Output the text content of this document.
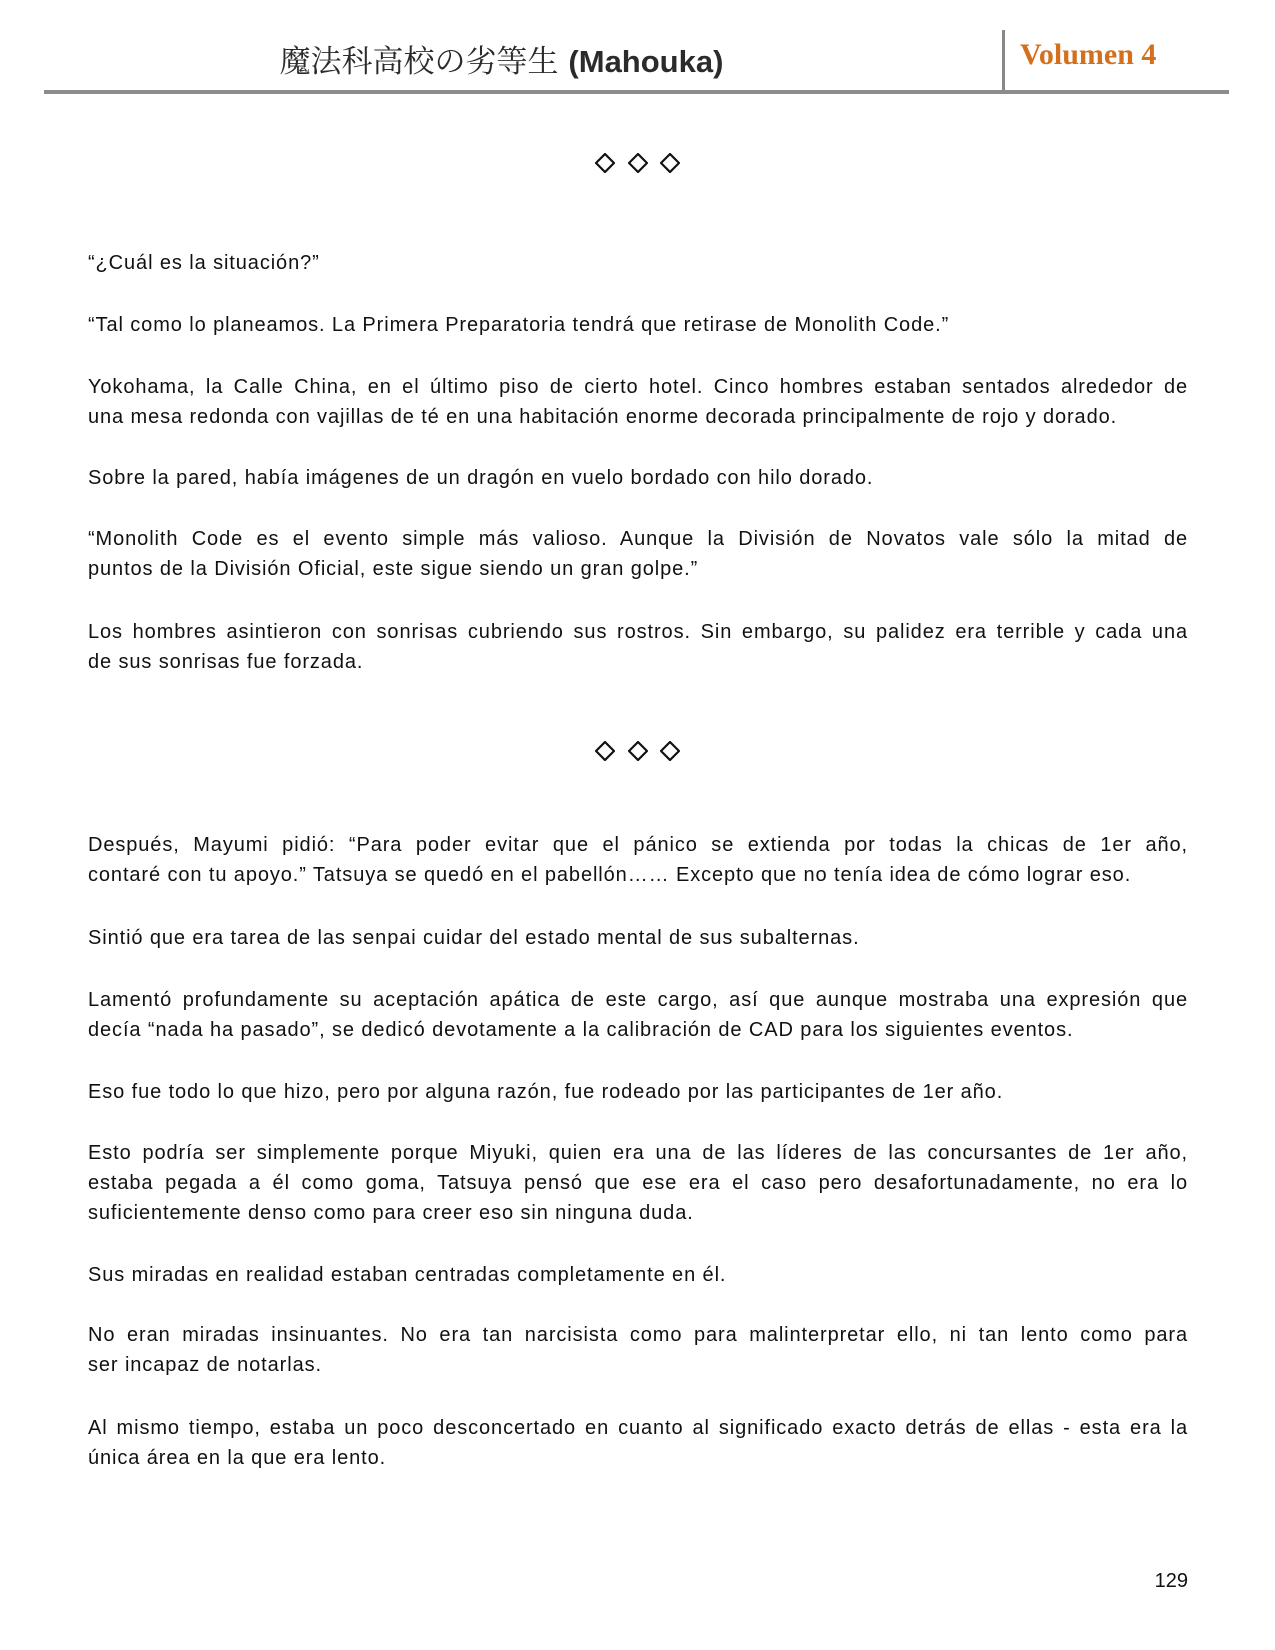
魔法科高校の劣等生 (Mahouka)	Volumen 4

“¿Cuál es la situación?”
“Tal como lo planeamos. La Primera Preparatoria tendrá que retirase de Monolith Code.”
Yokohama, la Calle China, en el último piso de cierto hotel. Cinco hombres estaban sentados alrededor de
una mesa redonda con vajillas de té en una habitación enorme decorada principalmente de rojo y dorado.
Sobre la pared, había imágenes de un dragón en vuelo bordado con hilo dorado.
“Monolith Code es el evento simple más valioso. Aunque la División de Novatos vale sólo la mitad de
puntos de la División Oficial, este sigue siendo un gran golpe.”
Los hombres asintieron con sonrisas cubriendo sus rostros. Sin embargo, su palidez era terrible y cada una
de sus sonrisas fue forzada.
Después, Mayumi pidió: “Para poder evitar que el pánico se extienda por todas la chicas de 1er año,
contaré con tu apoyo.” Tatsuya se quedó en el pabellón…… Excepto que no tenía idea de cómo lograr eso.
Sintió que era tarea de las senpai cuidar del estado mental de sus subalternas.
Lamentó profundamente su aceptación apática de este cargo, así que aunque mostraba una expresión que
decía “nada ha pasado”, se dedicó devotamente a la calibración de CAD para los siguientes eventos.
Eso fue todo lo que hizo, pero por alguna razón, fue rodeado por las participantes de 1er año.
Esto podría ser simplemente porque Miyuki, quien era una de las líderes de las concursantes de 1er año,
estaba pegada a él como goma, Tatsuya pensó que ese era el caso pero desafortunadamente, no era lo
suficientemente denso como para creer eso sin ninguna duda.
Sus miradas en realidad estaban centradas completamente en él.
No eran miradas insinuantes. No era tan narcisista como para malinterpretar ello, ni tan lento como para
ser incapaz de notarlas.
Al mismo tiempo, estaba un poco desconcertado en cuanto al significado exacto detrás de ellas - esta era la
única área en la que era lento.
129
